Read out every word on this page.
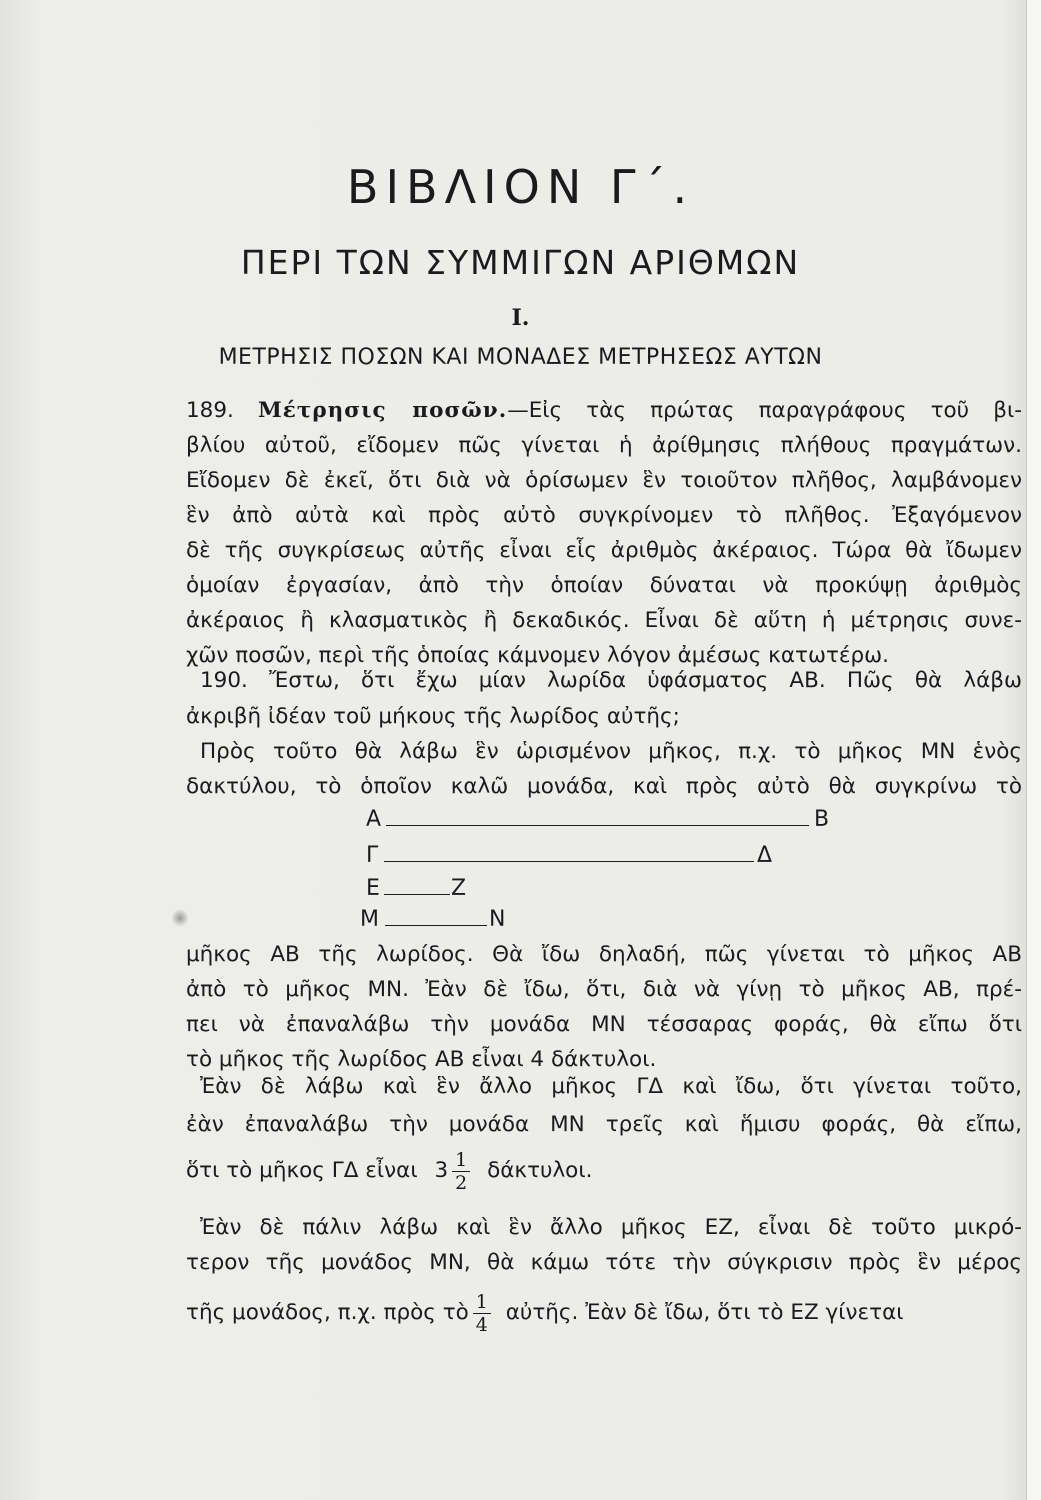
ΒΙΒΛΙΟΝ Γ΄.
ΠΕΡΙ ΤΩΝ ΣΥΜΜΙΓΩΝ ΑΡΙΘΜΩΝ
Ι.
ΜΕΤΡΗΣΙΣ ΠΟΣΩΝ ΚΑΙ ΜΟΝΑΔΕΣ ΜΕΤΡΗΣΕΩΣ ΑΥΤΩΝ
189. Μέτρησις ποσῶν.—Εἰς τὰς πρώτας παραγράφους τοῦ βι-
βλίου αὐτοῦ, εἴδομεν πῶς γίνεται ἡ ἀρίθμησις πλήθους πραγμάτων.
Εἴδομεν δὲ ἐκεῖ, ὅτι διὰ νὰ ὁρίσωμεν ἓν τοιοῦτον πλῆθος, λαμβάνομεν
ἓν ἀπὸ αὐτὰ καὶ πρὸς αὐτὸ συγκρίνομεν τὸ πλῆθος. Ἐξαγόμενον
δὲ τῆς συγκρίσεως αὐτῆς εἶναι εἷς ἀριθμὸς ἀκέραιος. Τώρα θὰ ἴδωμεν
ὁμοίαν ἐργασίαν, ἀπὸ τὴν ὁποίαν δύναται νὰ προκύψῃ ἀριθμὸς
ἀκέραιος ἢ κλασματικὸς ἢ δεκαδικός. Εἶναι δὲ αὕτη ἡ μέτρησις συνε-
χῶν ποσῶν, περὶ τῆς ὁποίας κάμνομεν λόγον ἀμέσως κατωτέρω.
190. Ἔστω, ὅτι ἔχω μίαν λωρίδα ὑφάσματος ΑΒ. Πῶς θὰ λάβω
ἀκριβῆ ἰδέαν τοῦ μήκους τῆς λωρίδος αὐτῆς;
Πρὸς τοῦτο θὰ λάβω ἓν ὡρισμένον μῆκος, π.χ. τὸ μῆκος ΜΝ ἑνὸς
δακτύλου, τὸ ὁποῖον καλῶ μονάδα, καὶ πρὸς αὐτὸ θὰ συγκρίνω τὸ
Α	Β
Γ	Δ
Ε	Ζ
Μ	Ν
μῆκος ΑΒ τῆς λωρίδος. Θὰ ἴδω δηλαδή, πῶς γίνεται τὸ μῆκος ΑΒ
ἀπὸ τὸ μῆκος ΜΝ. Ἐὰν δὲ ἴδω, ὅτι, διὰ νὰ γίνῃ τὸ μῆκος ΑΒ, πρέ-
πει νὰ ἐπαναλάβω τὴν μονάδα ΜΝ τέσσαρας φοράς, θὰ εἴπω ὅτι
τὸ μῆκος τῆς λωρίδος ΑΒ εἶναι 4 δάκτυλοι.
Ἐὰν δὲ λάβω καὶ ἓν ἄλλο μῆκος ΓΔ καὶ ἴδω, ὅτι γίνεται τοῦτο,
ἐὰν ἐπαναλάβω τὴν μονάδα ΜΝ τρεῖς καὶ ἥμισυ φοράς, θὰ εἴπω,
ὅτι τὸ μῆκος ΓΔ εἶναι $3 \frac{1}{2} \delta ά\kappa\tau\upsilon\lambda o\iota$.
Ἐὰν δὲ πάλιν λάβω καὶ ἓν ἄλλο μῆκος ΕΖ, εἶναι δὲ τοῦτο μικρό-
τερον τῆς μονάδος ΜΝ, θὰ κάμω τότε τὴν σύγκρισιν πρὸς ἓν μέρος
τῆς μονάδος, π.χ. πρὸς τὸ $\frac{1}{4}$ αὐτῆς. Ἐὰν δὲ ἴδω, ὅτι τὸ ΕΖ γίνεται
